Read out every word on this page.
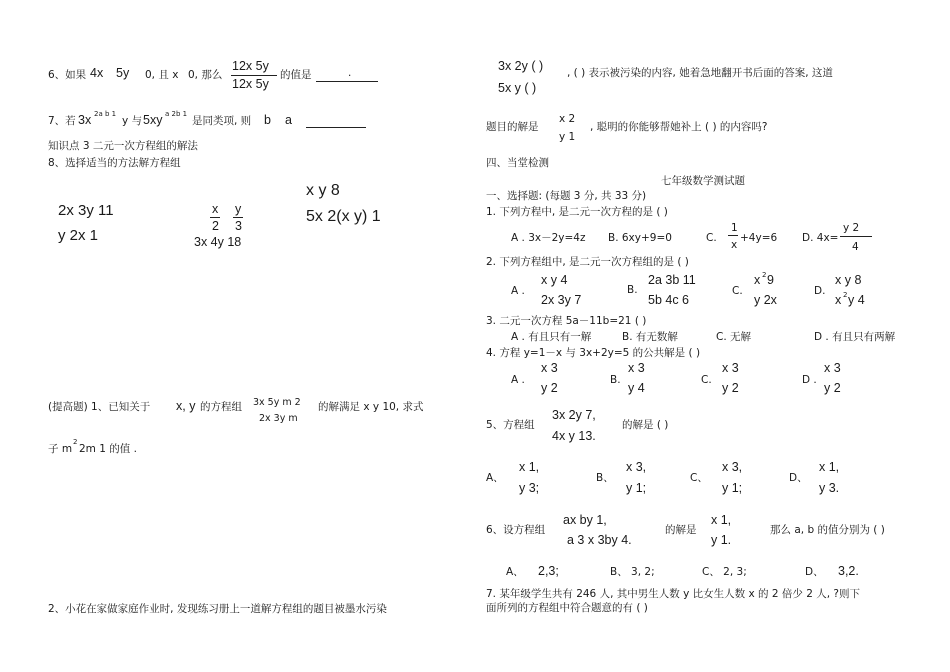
6、如果 4x 5y 0, 且 x 0, 那么
12x 5y
12x 5y
的值是	.
7、若 3x 2a b 1
y 与 5xy a 2b 1
是同类项, 则 b a
知识点 3 二元一次方程组的解法
8、选择适当的方法解方程组
2x 3y 11
y 2x 1
x y
2 3
3x 4y 18
x y 8
5x 2(x y) 1
(提高题) 1、已知关于 x, y 的方程组 3x 5y m 2
2x 3y m
的解满足 x y 10, 求式
子 m
2
2m 1 的值 .
2、小花在家做家庭作业时, 发现练习册上一道解方程组的题目被墨水污染
3x 2y ( ) , ( ) 表示被污染的内容, 她着急地翻开书后面的答案, 这道
5x y ( )
题目的解是
x 2
y 1
, 聪明的你能够帮她补上 ( ) 的内容吗?
四、当堂检测
七年级数学测试题
一、选择题: (每题 3 分, 共 33 分)
1. 下列方程中, 是二元一次方程的是 ( )
A . 3x－2y=4z B. 6xy+9=0	C.
1
x
+4y=6 D. 4x=
y 2
4
2. 下列方程组中, 是二元一次方程组的是 ( )
A .
x y 4
2x 3y 7
B.
2a 3b 11
5b 4c 6
C.
x 2 9
y 2x
D.
x y 8
x 2 y 4
3. 二元一次方程 5a－11b=21 ( )
A . 有且只有一解	B. 有无数解	C. 无解	D . 有且只有两解
4. 方程 y=1－x 与 3x+2y=5 的公共解是 ( )
A .
x 3
y 2
B.
x 3
y 4
C.
x 3
y 2
D .
x 3
y 2
5、方程组
3x 2y 7,
4x y 13.
的解是 ( )
A、
x 1,
y 3;
B、
x 3,
y 1;
C、
x 3,
y 1;
D、
x 1,
y 3.
6、设方程组
ax by 1,
a 3 x 3by 4.
的解是
x 1,
y 1.
那么 a, b 的值分别为 ( )
A、 2,3;	B、 3, 2;	C、 2, 3;	D、 3,2.
7. 某年级学生共有 246 人, 其中男生人数 y 比女生人数 x 的 2 倍少 2 人, ?则下
面所列的方程组中符合题意的有 ( )
